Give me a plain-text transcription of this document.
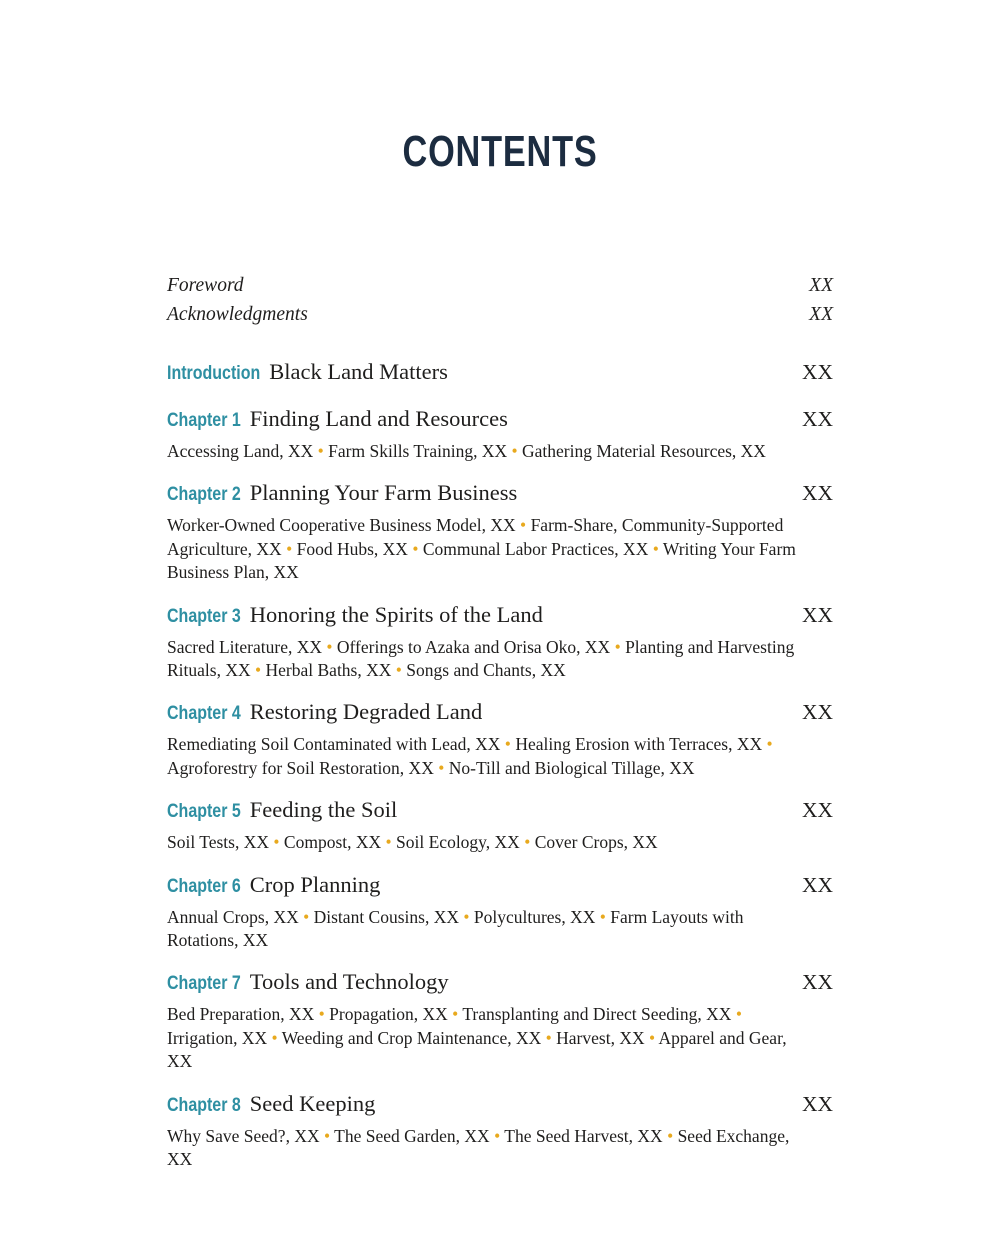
CONTENTS
Foreword	XX
Acknowledgments	XX
Introduction Black Land Matters	XX
Chapter 1 Finding Land and Resources	XX
Accessing Land, XX • Farm Skills Training, XX • Gathering Material Resources, XX
Chapter 2 Planning Your Farm Business	XX
Worker-Owned Cooperative Business Model, XX • Farm-Share, Community-Supported Agriculture, XX • Food Hubs, XX • Communal Labor Practices, XX • Writing Your Farm Business Plan, XX
Chapter 3 Honoring the Spirits of the Land	XX
Sacred Literature, XX • Offerings to Azaka and Orisa Oko, XX • Planting and Harvesting Rituals, XX • Herbal Baths, XX • Songs and Chants, XX
Chapter 4 Restoring Degraded Land	XX
Remediating Soil Contaminated with Lead, XX • Healing Erosion with Terraces, XX • Agroforestry for Soil Restoration, XX • No-Till and Biological Tillage, XX
Chapter 5 Feeding the Soil	XX
Soil Tests, XX • Compost, XX • Soil Ecology, XX • Cover Crops, XX
Chapter 6 Crop Planning	XX
Annual Crops, XX • Distant Cousins, XX • Polycultures, XX • Farm Layouts with Rotations, XX
Chapter 7 Tools and Technology	XX
Bed Preparation, XX • Propagation, XX • Transplanting and Direct Seeding, XX • Irrigation, XX • Weeding and Crop Maintenance, XX • Harvest, XX • Apparel and Gear, XX
Chapter 8 Seed Keeping	XX
Why Save Seed?, XX • The Seed Garden, XX • The Seed Harvest, XX • Seed Exchange, XX
